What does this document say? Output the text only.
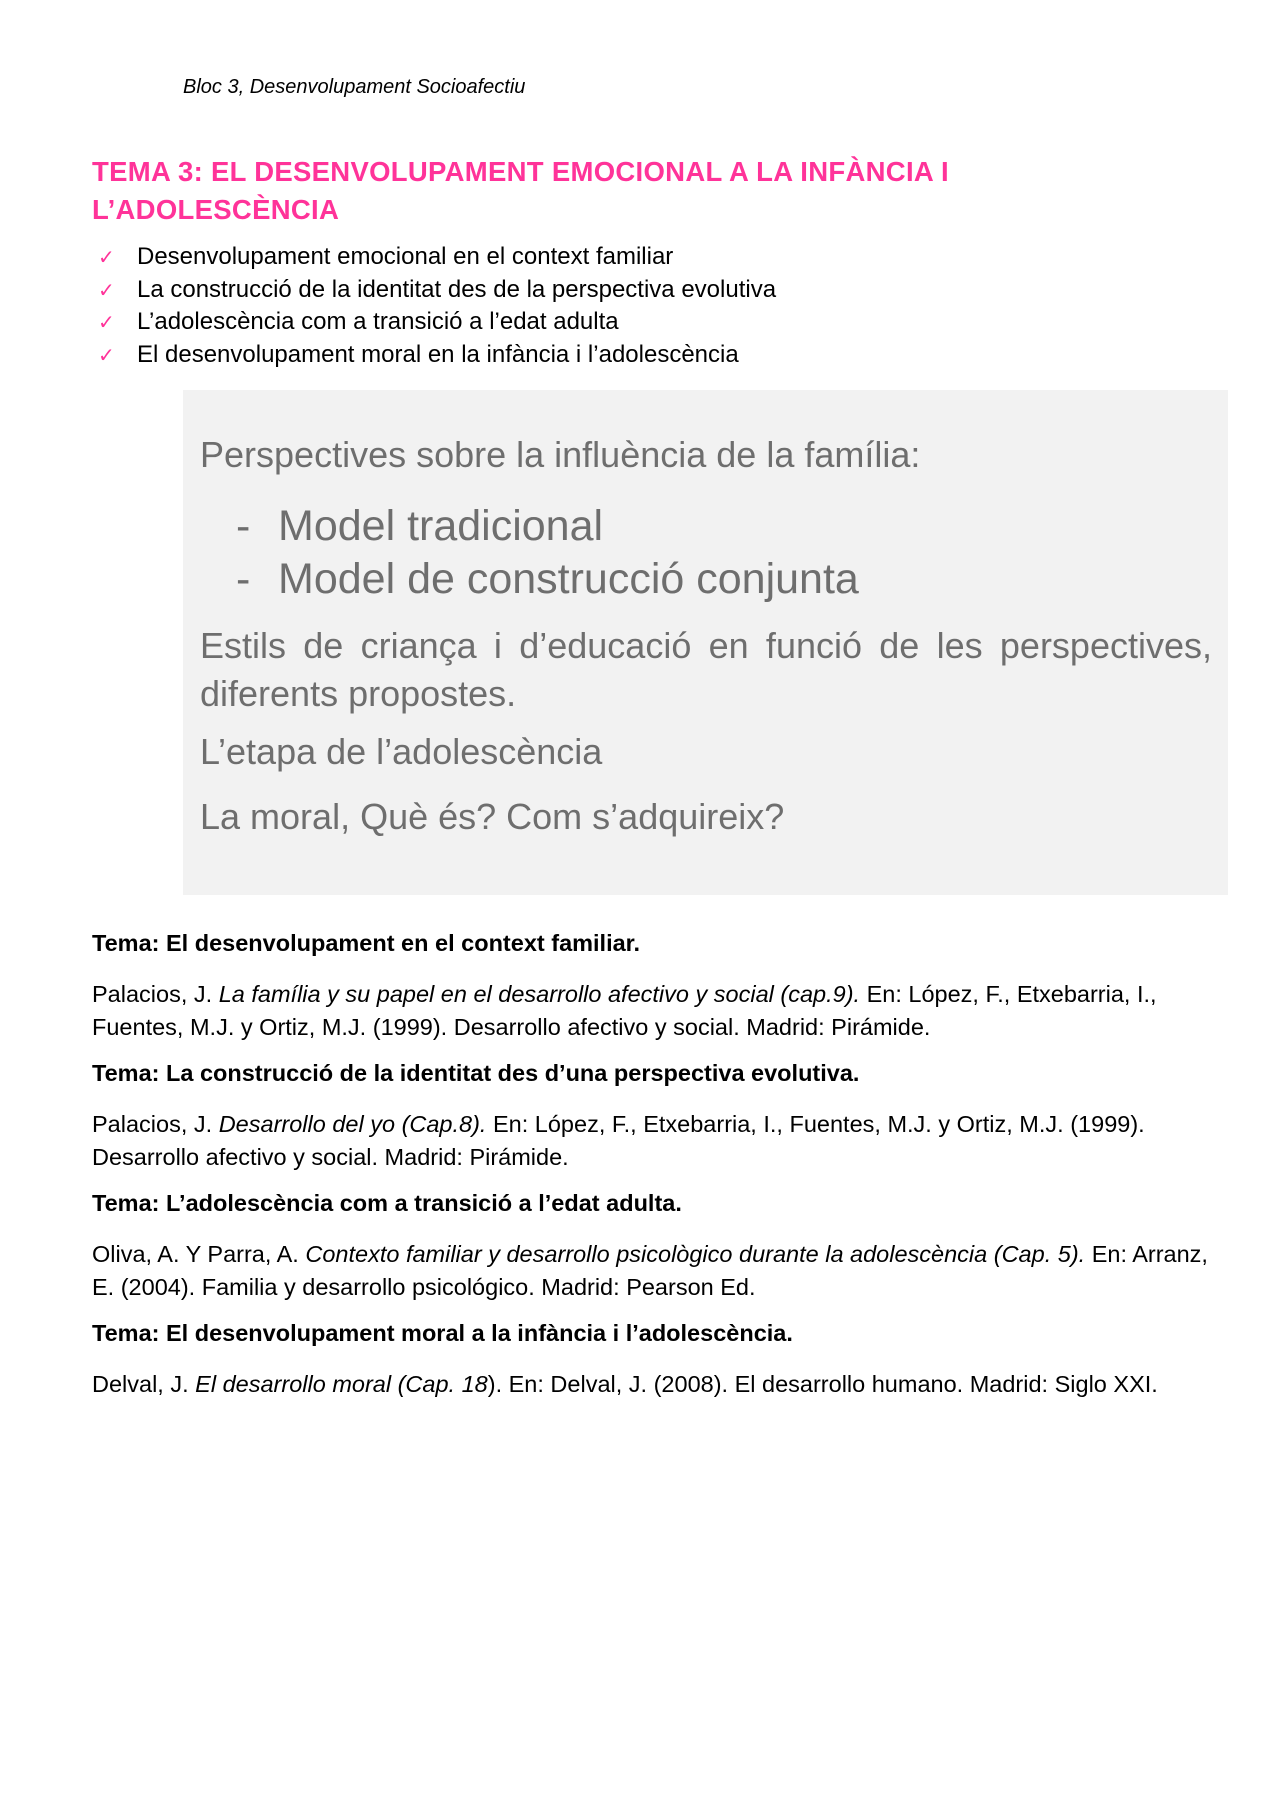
Bloc 3, Desenvolupament Socioafectiu
TEMA 3: EL DESENVOLUPAMENT EMOCIONAL A LA INFÀNCIA I
L’ADOLESCÈNCIA
✓ Desenvolupament emocional en el context familiar
✓ La construcció de la identitat des de la perspectiva evolutiva
✓ L’adolescència com a transició a l’edat adulta
✓ El desenvolupament moral en la infància i l’adolescència

Perspectives sobre la influència de la família:

- Model tradicional
- Model de construcció conjunta

Estils de criança i d’educació en funció de les perspectives, diferents propostes.

L’etapa de l’adolescència

La moral, Què és? Com s’adquireix?

Tema: El desenvolupament en el context familiar.

Palacios, J. La família y su papel en el desarrollo afectivo y social (cap.9). En: López, F., Etxebarria, I., Fuentes, M.J. y Ortiz, M.J. (1999). Desarrollo afectivo y social. Madrid: Pirámide.

Tema: La construcció de la identitat des d’una perspectiva evolutiva.

Palacios, J. Desarrollo del yo (Cap.8). En: López, F., Etxebarria, I., Fuentes, M.J. y Ortiz, M.J. (1999). Desarrollo afectivo y social. Madrid: Pirámide.

Tema: L’adolescència com a transició a l’edat adulta.

Oliva, A. Y Parra, A. Contexto familiar y desarrollo psicològico durante la adolescència (Cap. 5). En: Arranz, E. (2004). Familia y desarrollo psicológico. Madrid: Pearson Ed.

Tema: El desenvolupament moral a la infància i l’adolescència.

Delval, J. El desarrollo moral (Cap. 18). En: Delval, J. (2008). El desarrollo humano. Madrid: Siglo XXI.
